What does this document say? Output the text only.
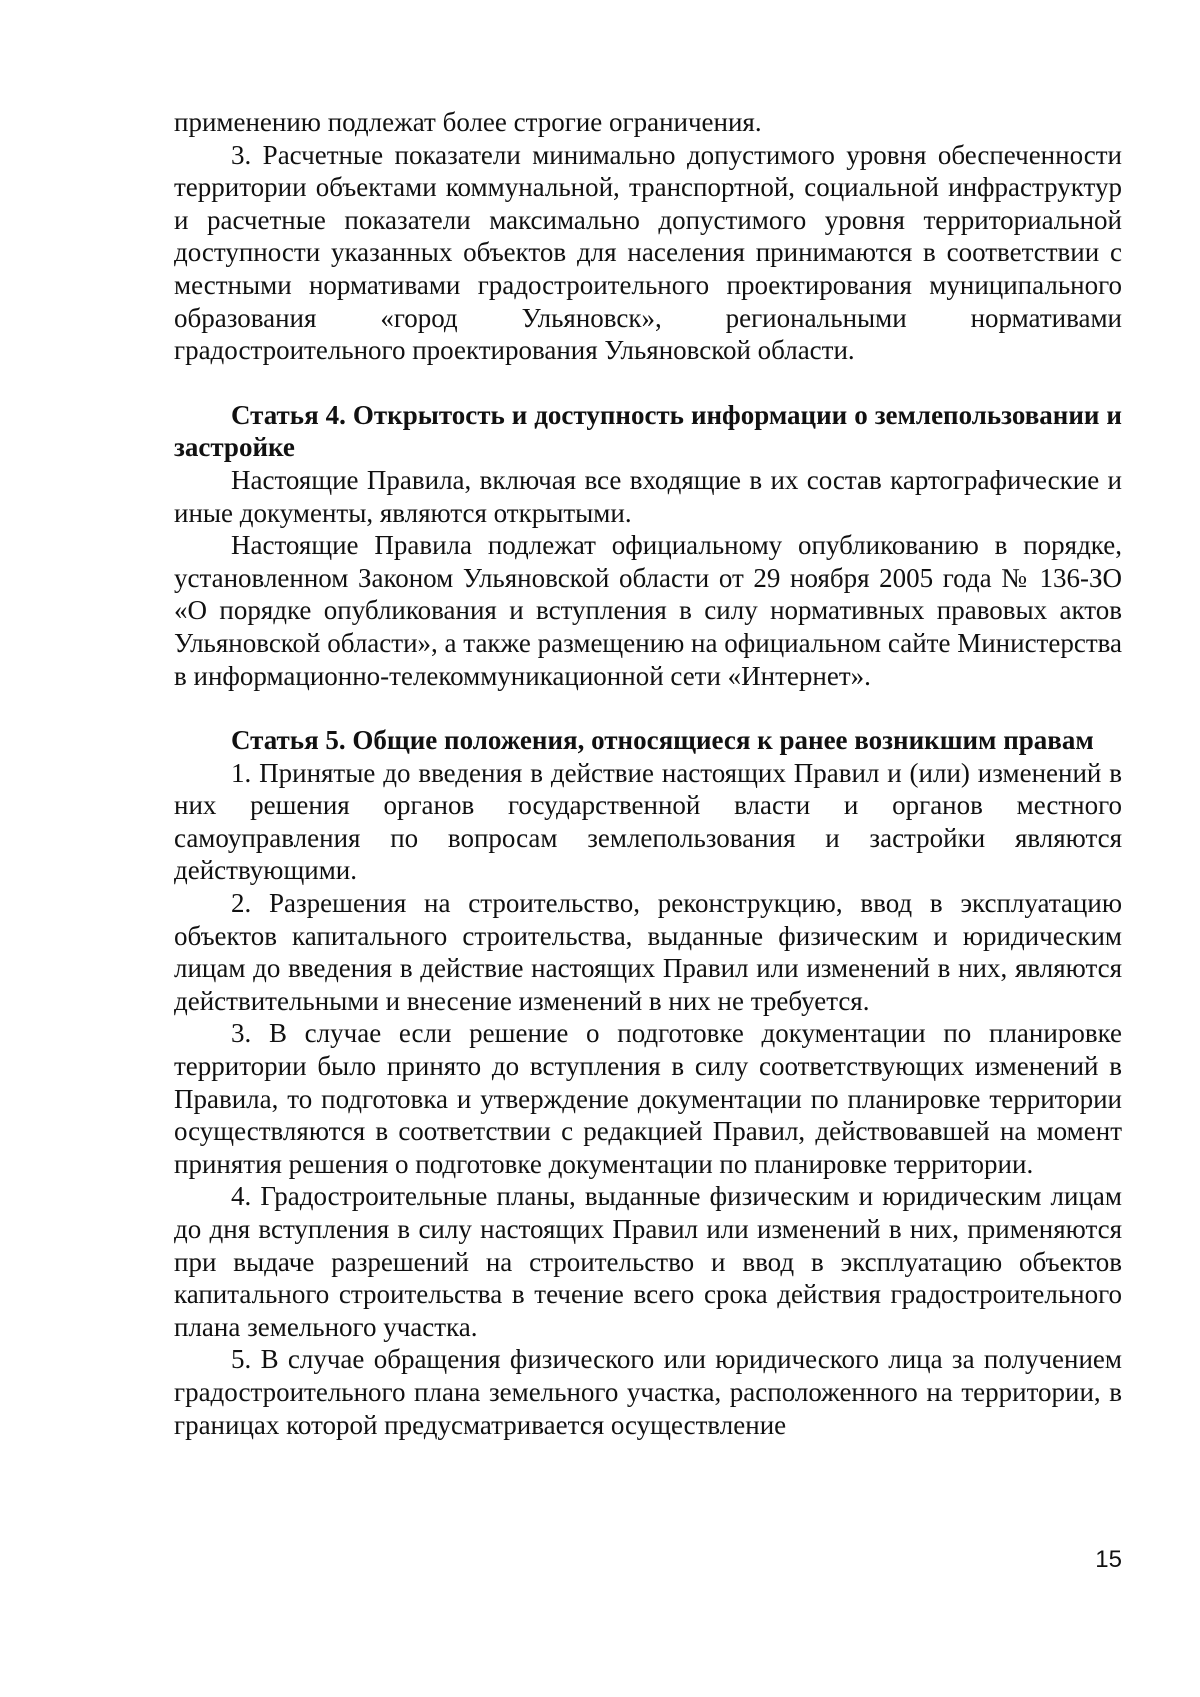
применению подлежат более строгие ограничения.

3. Расчетные показатели минимально допустимого уровня обеспеченности территории объектами коммунальной, транспортной, социальной инфраструктур и расчетные показатели максимально допустимого уровня территориальной доступности указанных объектов для населения принимаются в соответствии с местными нормативами градостроительного проектирования муниципального образования «город Ульяновск», региональными нормативами градостроительного проектирования Ульяновской области.

Статья 4. Открытость и доступность информации о землепользовании и застройке

Настоящие Правила, включая все входящие в их состав картографические и иные документы, являются открытыми.

Настоящие Правила подлежат официальному опубликованию в порядке, установленном Законом Ульяновской области от 29 ноября 2005 года № 136-ЗО «О порядке опубликования и вступления в силу нормативных правовых актов Ульяновской области», а также размещению на официальном сайте Министерства в информационно-телекоммуникационной сети «Интернет».

Статья 5. Общие положения, относящиеся к ранее возникшим правам

1. Принятые до введения в действие настоящих Правил и (или) изменений в них решения органов государственной власти и органов местного самоуправления по вопросам землепользования и застройки являются действующими.

2. Разрешения на строительство, реконструкцию, ввод в эксплуатацию объектов капитального строительства, выданные физическим и юридическим лицам до введения в действие настоящих Правил или изменений в них, являются действительными и внесение изменений в них не требуется.

3. В случае если решение о подготовке документации по планировке территории было принято до вступления в силу соответствующих изменений в Правила, то подготовка и утверждение документации по планировке территории осуществляются в соответствии с редакцией Правил, действовавшей на момент принятия решения о подготовке документации по планировке территории.

4. Градостроительные планы, выданные физическим и юридическим лицам до дня вступления в силу настоящих Правил или изменений в них, применяются при выдаче разрешений на строительство и ввод в эксплуатацию объектов капитального строительства в течение всего срока действия градостроительного плана земельного участка.

5. В случае обращения физического или юридического лица за получением градостроительного плана земельного участка, расположенного на территории, в границах которой предусматривается осуществление

15
